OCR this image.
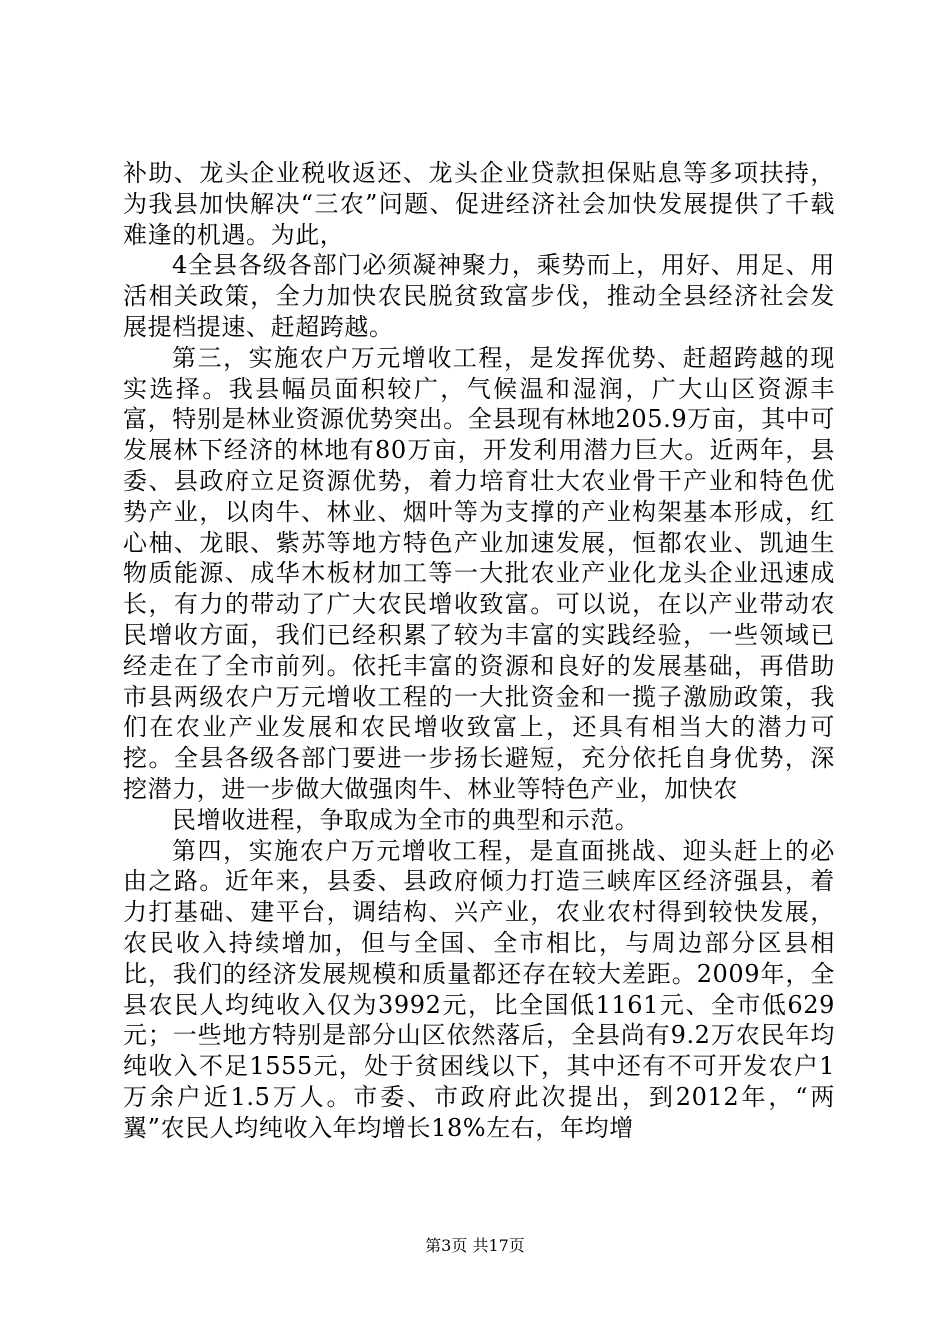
补助、龙头企业税收返还、龙头企业贷款担保贴息等多项扶持，为我县加快解决“三农”问题、促进经济社会加快发展提供了千载难逢的机遇。为此，

4全县各级各部门必须凝神聚力，乘势而上，用好、用足、用活相关政策，全力加快农民脱贫致富步伐，推动全县经济社会发展提档提速、赶超跨越。

第三，实施农户万元增收工程，是发挥优势、赶超跨越的现实选择。我县幅员面积较广，气候温和湿润，广大山区资源丰富，特别是林业资源优势突出。全县现有林地205.9万亩，其中可发展林下经济的林地有80万亩，开发利用潜力巨大。近两年，县委、县政府立足资源优势，着力培育壮大农业骨干产业和特色优势产业，以肉牛、林业、烟叶等为支撑的产业构架基本形成，红心柚、龙眼、紫苏等地方特色产业加速发展，恒都农业、凯迪生物质能源、成华木板材加工等一大批农业产业化龙头企业迅速成长，有力的带动了广大农民增收致富。可以说，在以产业带动农民增收方面，我们已经积累了较为丰富的实践经验，一些领域已经走在了全市前列。依托丰富的资源和良好的发展基础，再借助市县两级农户万元增收工程的一大批资金和一揽子激励政策，我们在农业产业发展和农民增收致富上，还具有相当大的潜力可挖。全县各级各部门要进一步扬长避短，充分依托自身优势，深挖潜力，进一步做大做强肉牛、林业等特色产业，加快农

民增收进程，争取成为全市的典型和示范。

第四，实施农户万元增收工程，是直面挑战、迎头赶上的必由之路。近年来，县委、县政府倾力打造三峡库区经济强县，着力打基础、建平台，调结构、兴产业，农业农村得到较快发展，农民收入持续增加，但与全国、全市相比，与周边部分区县相比，我们的经济发展规模和质量都还存在较大差距。2009年，全县农民人均纯收入仅为3992元，比全国低1161元、全市低629元；一些地方特别是部分山区依然落后，全县尚有9.2万农民年均纯收入不足1555元，处于贫困线以下，其中还有不可开发农户1万余户近1.5万人。市委、市政府此次提出，到2012年，“两翼”农民人均纯收入年均增长18%左右，年均增

第3页 共17页
